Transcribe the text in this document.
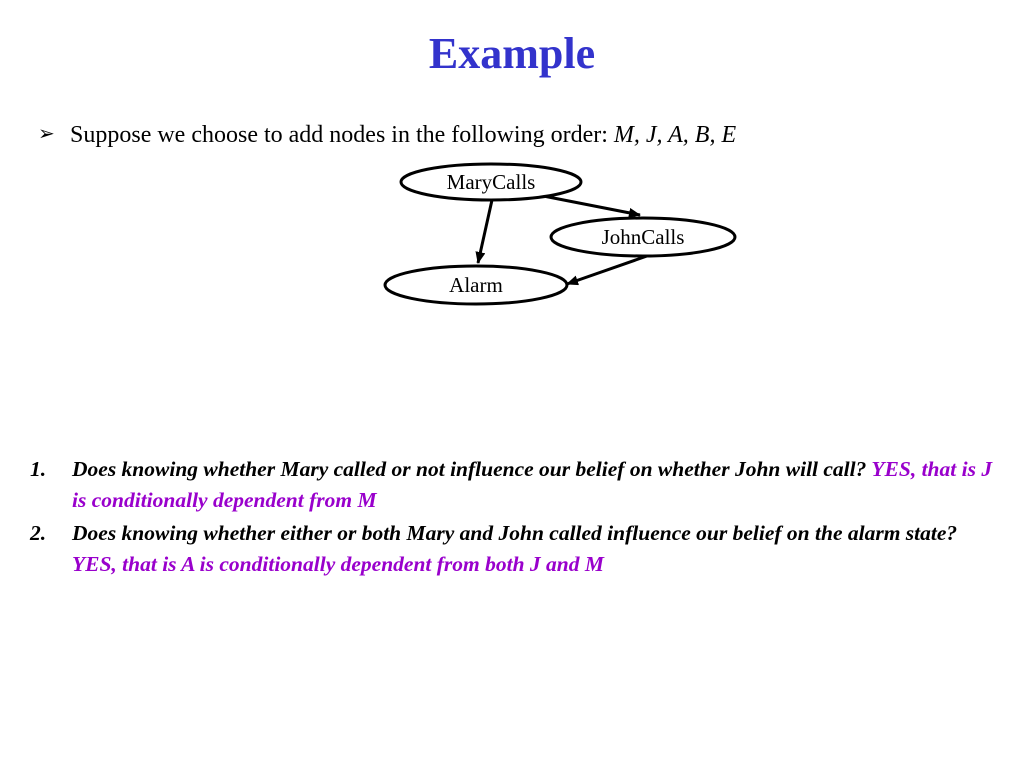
Example
➢ Suppose we choose to add nodes in the following order: M, J, A, B, E
MaryCalls
JohnCalls
Alarm
1. Does knowing whether Mary called or not influence our belief on whether John will call? YES, that is J is conditionally dependent from M
2. Does knowing whether either or both Mary and John called influence our belief on the alarm state? YES, that is A is conditionally dependent from both J and M
